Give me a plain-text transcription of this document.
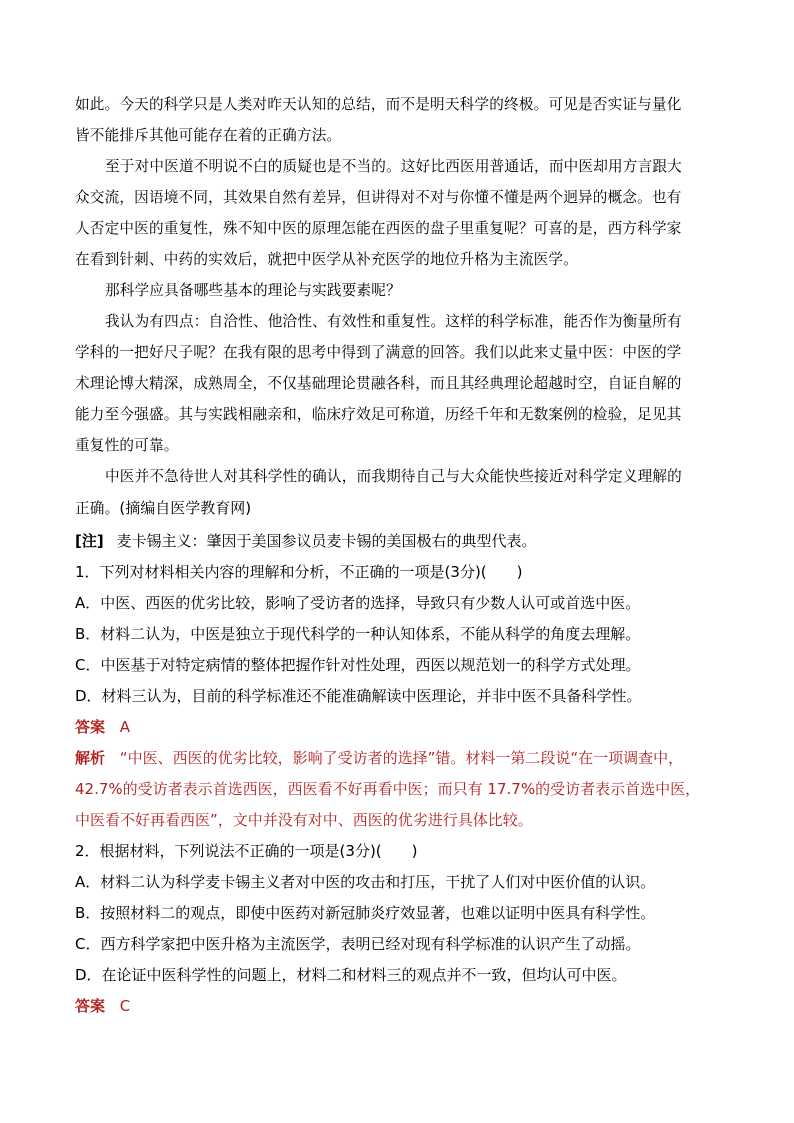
如此。今天的科学只是人类对昨天认知的总结，而不是明天科学的终极。可见是否实证与量化
皆不能排斥其他可能存在着的正确方法。
至于对中医道不明说不白的质疑也是不当的。这好比西医用普通话，而中医却用方言跟大
众交流，因语境不同，其效果自然有差异，但讲得对不对与你懂不懂是两个迥异的概念。也有
人否定中医的重复性，殊不知中医的原理怎能在西医的盘子里重复呢？可喜的是，西方科学家
在看到针刺、中药的实效后，就把中医学从补充医学的地位升格为主流医学。
那科学应具备哪些基本的理论与实践要素呢？
我认为有四点：自洽性、他洽性、有效性和重复性。这样的科学标准，能否作为衡量所有
学科的一把好尺子呢？在我有限的思考中得到了满意的回答。我们以此来丈量中医：中医的学
术理论博大精深，成熟周全，不仅基础理论贯融各科，而且其经典理论超越时空，自证自解的
能力至今强盛。其与实践相融亲和，临床疗效足可称道，历经千年和无数案例的检验，足见其
重复性的可靠。
中医并不急待世人对其科学性的确认，而我期待自己与大众能快些接近对科学定义理解的
正确。(摘编自医学教育网)
[注] 麦卡锡主义：肇因于美国参议员麦卡锡的美国极右的典型代表。
1．下列对材料相关内容的理解和分析，不正确的一项是(3分)(　　)
A．中医、西医的优劣比较，影响了受访者的选择，导致只有少数人认可或首选中医。
B．材料二认为，中医是独立于现代科学的一种认知体系，不能从科学的角度去理解。
C．中医基于对特定病情的整体把握作针对性处理，西医以规范划一的科学方式处理。
D．材料三认为，目前的科学标准还不能准确解读中医理论，并非中医不具备科学性。
答案 A
解析 “中医、西医的优劣比较，影响了受访者的选择”错。材料一第二段说“在一项调查中，
42.7%的受访者表示首选西医，西医看不好再看中医；而只有 17.7%的受访者表示首选中医，
中医看不好再看西医”，文中并没有对中、西医的优劣进行具体比较。
2．根据材料，下列说法不正确的一项是(3分)(　　)
A．材料二认为科学麦卡锡主义者对中医的攻击和打压，干扰了人们对中医价值的认识。
B．按照材料二的观点，即使中医药对新冠肺炎疗效显著，也难以证明中医具有科学性。
C．西方科学家把中医升格为主流医学，表明已经对现有科学标准的认识产生了动摇。
D．在论证中医科学性的问题上，材料二和材料三的观点并不一致，但均认可中医。
答案 C
